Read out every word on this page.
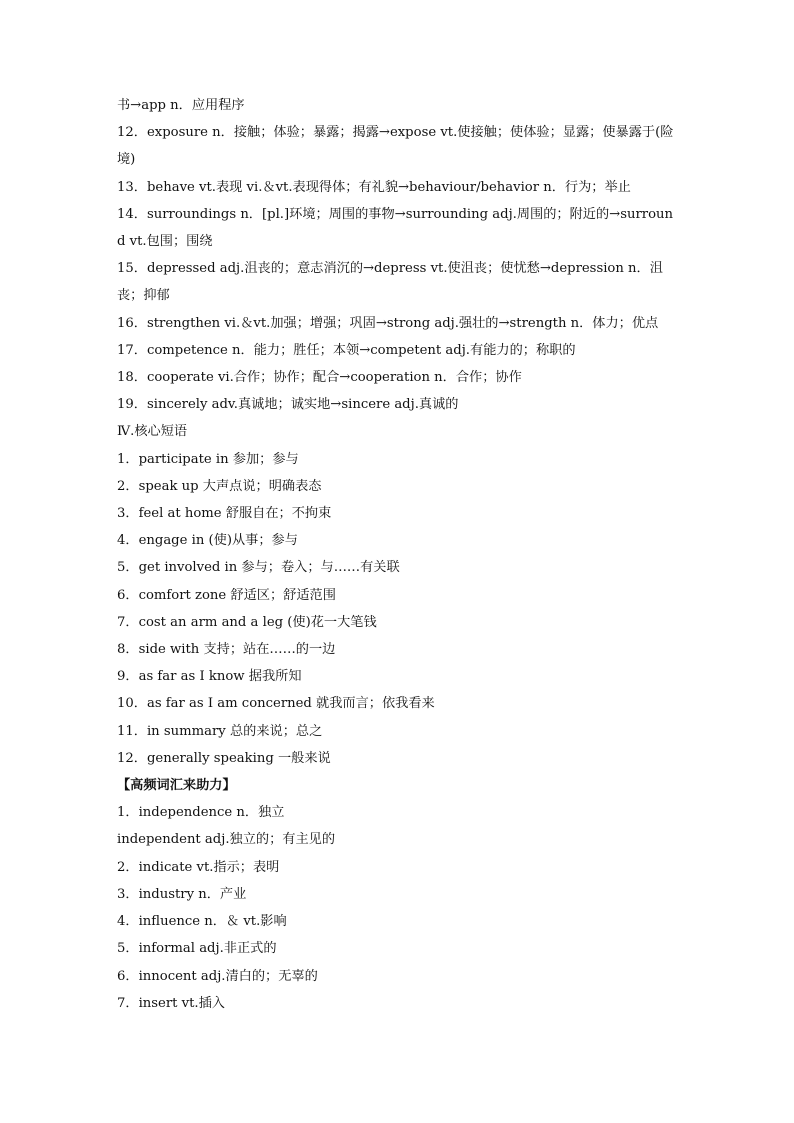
书→app n．应用程序
12．exposure n．接触；体验；暴露；揭露→expose vt.使接触；使体验；显露；使暴露于(险境)
13．behave vt.表现 vi.＆vt.表现得体；有礼貌→behaviour/behavior n．行为；举止
14．surroundings n．[pl.]环境；周围的事物→surrounding adj.周围的；附近的→surround vt.包围；围绕
15．depressed adj.沮丧的；意志消沉的→depress vt.使沮丧；使忧愁→depression n．沮丧；抑郁
16．strengthen vi.＆vt.加强；增强；巩固→strong adj.强壮的→strength n．体力；优点
17．competence n．能力；胜任；本领→competent adj.有能力的；称职的
18．cooperate vi.合作；协作；配合→cooperation n．合作；协作
19．sincerely adv.真诚地；诚实地→sincere adj.真诚的
Ⅳ.核心短语
1．participate in 参加；参与
2．speak up 大声点说；明确表态
3．feel at home 舒服自在；不拘束
4．engage in (使)从事；参与
5．get involved in 参与；卷入；与……有关联
6．comfort zone 舒适区；舒适范围
7．cost an arm and a leg (使)花一大笔钱
8．side with 支持；站在……的一边
9．as far as I know 据我所知
10．as far as I am concerned 就我而言；依我看来
11．in summary 总的来说；总之
12．generally speaking 一般来说
【高频词汇来助力】
1．independence n．独立
independent adj.独立的；有主见的
2．indicate vt.指示；表明
3．industry n．产业
4．influence n．＆ vt.影响
5．informal adj.非正式的
6．innocent adj.清白的；无辜的
7．insert vt.插入
